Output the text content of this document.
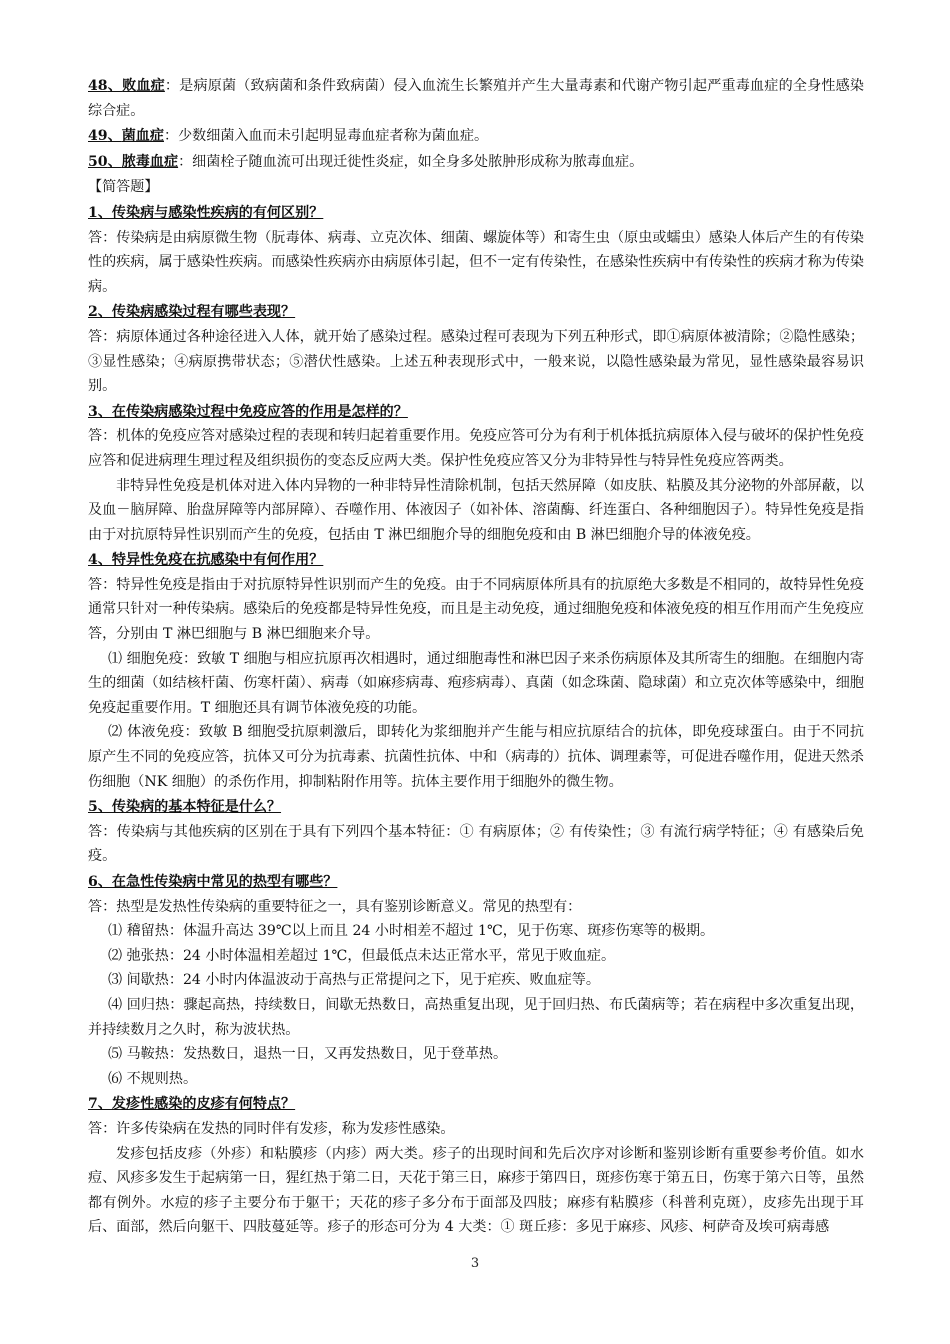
48、败血症：是病原菌（致病菌和条件致病菌）侵入血流生长繁殖并产生大量毒素和代谢产物引起严重毒血症的全身性感染综合症。

49、菌血症：少数细菌入血而未引起明显毒血症者称为菌血症。

50、脓毒血症：细菌栓子随血流可出现迁徙性炎症，如全身多处脓肿形成称为脓毒血症。

【简答题】

1、传染病与感染性疾病的有何区别？

答：传染病是由病原微生物（朊毒体、病毒、立克次体、细菌、螺旋体等）和寄生虫（原虫或蠕虫）感染人体后产生的有传染性的疾病，属于感染性疾病。而感染性疾病亦由病原体引起，但不一定有传染性，在感染性疾病中有传染性的疾病才称为传染病。

2、传染病感染过程有哪些表现？

答：病原体通过各种途径进入人体，就开始了感染过程。感染过程可表现为下列五种形式，即①病原体被清除；②隐性感染；③显性感染；④病原携带状态；⑤潜伏性感染。上述五种表现形式中，一般来说，以隐性感染最为常见，显性感染最容易识别。

3、在传染病感染过程中免疫应答的作用是怎样的？

答：机体的免疫应答对感染过程的表现和转归起着重要作用。免疫应答可分为有利于机体抵抗病原体入侵与破坏的保护性免疫应答和促进病理生理过程及组织损伤的变态反应两大类。保护性免疫应答又分为非特异性与特异性免疫应答两类。

非特异性免疫是机体对进入体内异物的一种非特异性清除机制，包括天然屏障（如皮肤、粘膜及其分泌物的外部屏蔽，以及血－脑屏障、胎盘屏障等内部屏障）、吞噬作用、体液因子（如补体、溶菌酶、纤连蛋白、各种细胞因子）。特异性免疫是指由于对抗原特异性识别而产生的免疫，包括由 T 淋巴细胞介导的细胞免疫和由 B 淋巴细胞介导的体液免疫。

4、特异性免疫在抗感染中有何作用？

答：特异性免疫是指由于对抗原特异性识别而产生的免疫。由于不同病原体所具有的抗原绝大多数是不相同的，故特异性免疫通常只针对一种传染病。感染后的免疫都是特异性免疫，而且是主动免疫，通过细胞免疫和体液免疫的相互作用而产生免疫应答，分别由 T 淋巴细胞与 B 淋巴细胞来介导。

⑴ 细胞免疫：致敏 T 细胞与相应抗原再次相遇时，通过细胞毒性和淋巴因子来杀伤病原体及其所寄生的细胞。在细胞内寄生的细菌（如结核杆菌、伤寒杆菌）、病毒（如麻疹病毒、疱疹病毒）、真菌（如念珠菌、隐球菌）和立克次体等感染中，细胞免疫起重要作用。T 细胞还具有调节体液免疫的功能。

⑵ 体液免疫：致敏 B 细胞受抗原刺激后，即转化为浆细胞并产生能与相应抗原结合的抗体，即免疫球蛋白。由于不同抗原产生不同的免疫应答，抗体又可分为抗毒素、抗菌性抗体、中和（病毒的）抗体、调理素等，可促进吞噬作用，促进天然杀伤细胞（NK 细胞）的杀伤作用，抑制粘附作用等。抗体主要作用于细胞外的微生物。

5、传染病的基本特征是什么？

答：传染病与其他疾病的区别在于具有下列四个基本特征：① 有病原体；② 有传染性；③ 有流行病学特征；④ 有感染后免疫。

6、在急性传染病中常见的热型有哪些？

答：热型是发热性传染病的重要特征之一，具有鉴别诊断意义。常见的热型有：

⑴ 稽留热：体温升高达 39℃以上而且 24 小时相差不超过 1℃，见于伤寒、斑疹伤寒等的极期。

⑵ 弛张热：24 小时体温相差超过 1℃，但最低点未达正常水平，常见于败血症。

⑶ 间歇热：24 小时内体温波动于高热与正常提问之下，见于疟疾、败血症等。

⑷ 回归热：骤起高热，持续数日，间歇无热数日，高热重复出现，见于回归热、布氏菌病等；若在病程中多次重复出现，并持续数月之久时，称为波状热。

⑸ 马鞍热：发热数日，退热一日，又再发热数日，见于登革热。

⑹ 不规则热。

7、发疹性感染的皮疹有何特点？

答：许多传染病在发热的同时伴有发疹，称为发疹性感染。

发疹包括皮疹（外疹）和粘膜疹（内疹）两大类。疹子的出现时间和先后次序对诊断和鉴别诊断有重要参考价值。如水痘、风疹多发生于起病第一日，猩红热于第二日，天花于第三日，麻疹于第四日，斑疹伤寒于第五日，伤寒于第六日等，虽然都有例外。水痘的疹子主要分布于躯干；天花的疹子多分布于面部及四肢；麻疹有粘膜疹（科普利克斑），皮疹先出现于耳后、面部，然后向躯干、四肢蔓延等。疹子的形态可分为 4 大类：① 斑丘疹：多见于麻疹、风疹、柯萨奇及埃可病毒感

3
